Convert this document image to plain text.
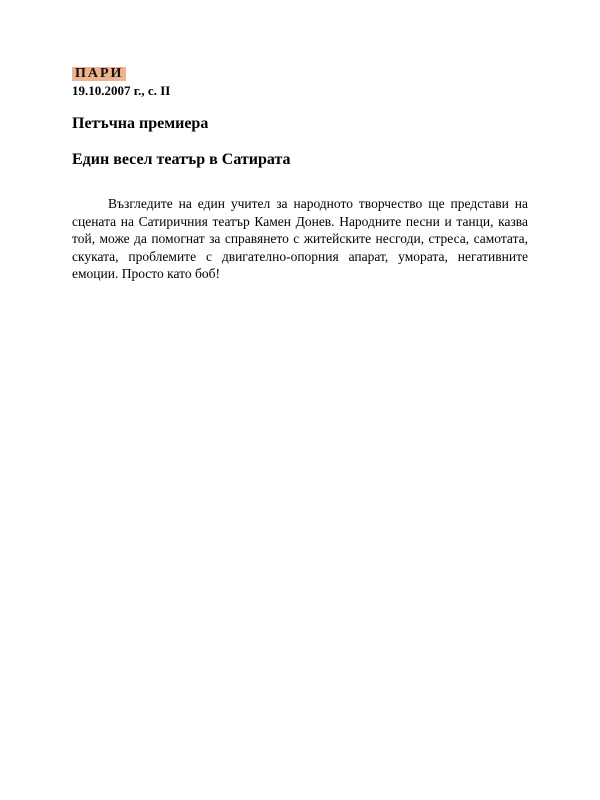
ПАРИ
19.10.2007 г., с. II
Петъчна премиера
Един весел театър в Сатирата

Възгледите на един учител за народното творчество ще представи на сцената на Сатиричния театър Камен Донев. Народните песни и танци, казва той, може да помогнат за справянето с житейските несгоди, стреса, самотата, скуката, проблемите с двигателно-опорния апарат, умората, негативните емоции. Просто като боб!
